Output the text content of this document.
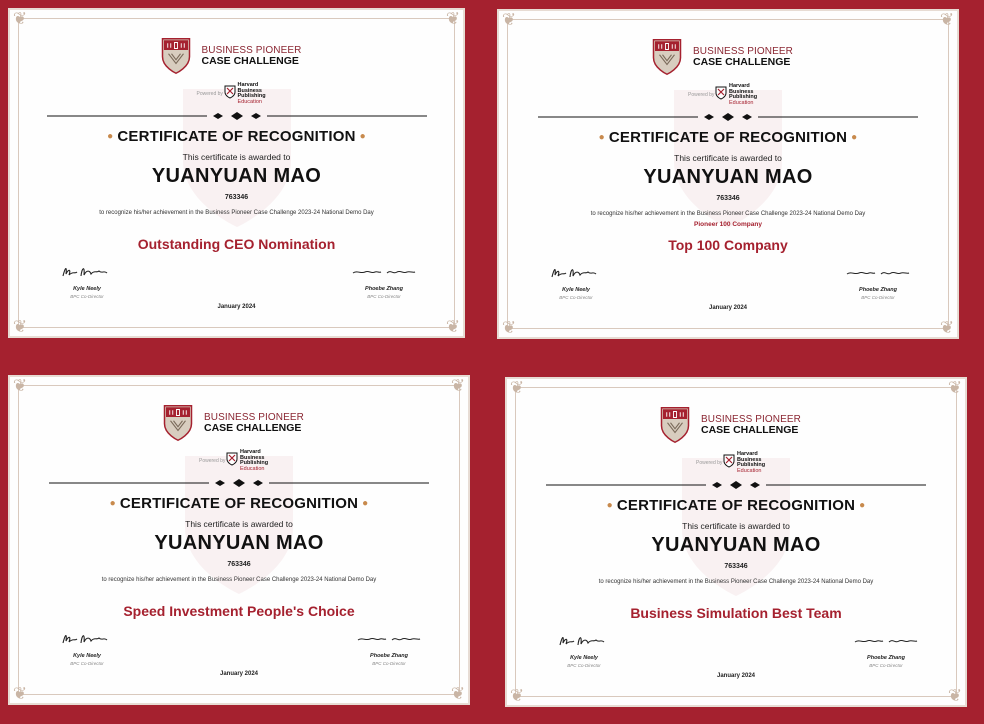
❦	❦
❦	❦
BUSINESS PIONEER
CASE CHALLENGE
Powered by
Harvard
Business
Publishing
Education
● CERTIFICATE OF RECOGNITION ●
This certificate is awarded to
YUANYUAN MAO
763346
to recognize his/her achievement in the Business Pioneer Case Challenge 2023-24 National Demo Day
Outstanding CEO Nomination
Kyle Neely
BPC Co-Director
Phoebe Zhang
BPC Co-Director
January 2024
❦	❦
❦	❦
BUSINESS PIONEER
CASE CHALLENGE
Powered by
Harvard
Business
Publishing
Education
● CERTIFICATE OF RECOGNITION ●
This certificate is awarded to
YUANYUAN MAO
763346
to recognize his/her achievement in the Business Pioneer Case Challenge 2023-24 National Demo Day
Pioneer 100 Company
Top 100 Company
Kyle Neely
BPC Co-Director
Phoebe Zhang
BPC Co-Director
January 2024
❦	❦
❦	❦
BUSINESS PIONEER
CASE CHALLENGE
Powered by
Harvard
Business
Publishing
Education
● CERTIFICATE OF RECOGNITION ●
This certificate is awarded to
YUANYUAN MAO
763346
to recognize his/her achievement in the Business Pioneer Case Challenge 2023-24 National Demo Day
Speed Investment People's Choice
Kyle Neely
BPC Co-Director
Phoebe Zhang
BPC Co-Director
January 2024
❦	❦
❦	❦
BUSINESS PIONEER
CASE CHALLENGE
Powered by
Harvard
Business
Publishing
Education
● CERTIFICATE OF RECOGNITION ●
This certificate is awarded to
YUANYUAN MAO
763346
to recognize his/her achievement in the Business Pioneer Case Challenge 2023-24 National Demo Day
Business Simulation Best Team
Kyle Neely
BPC Co-Director
Phoebe Zhang
BPC Co-Director
January 2024
